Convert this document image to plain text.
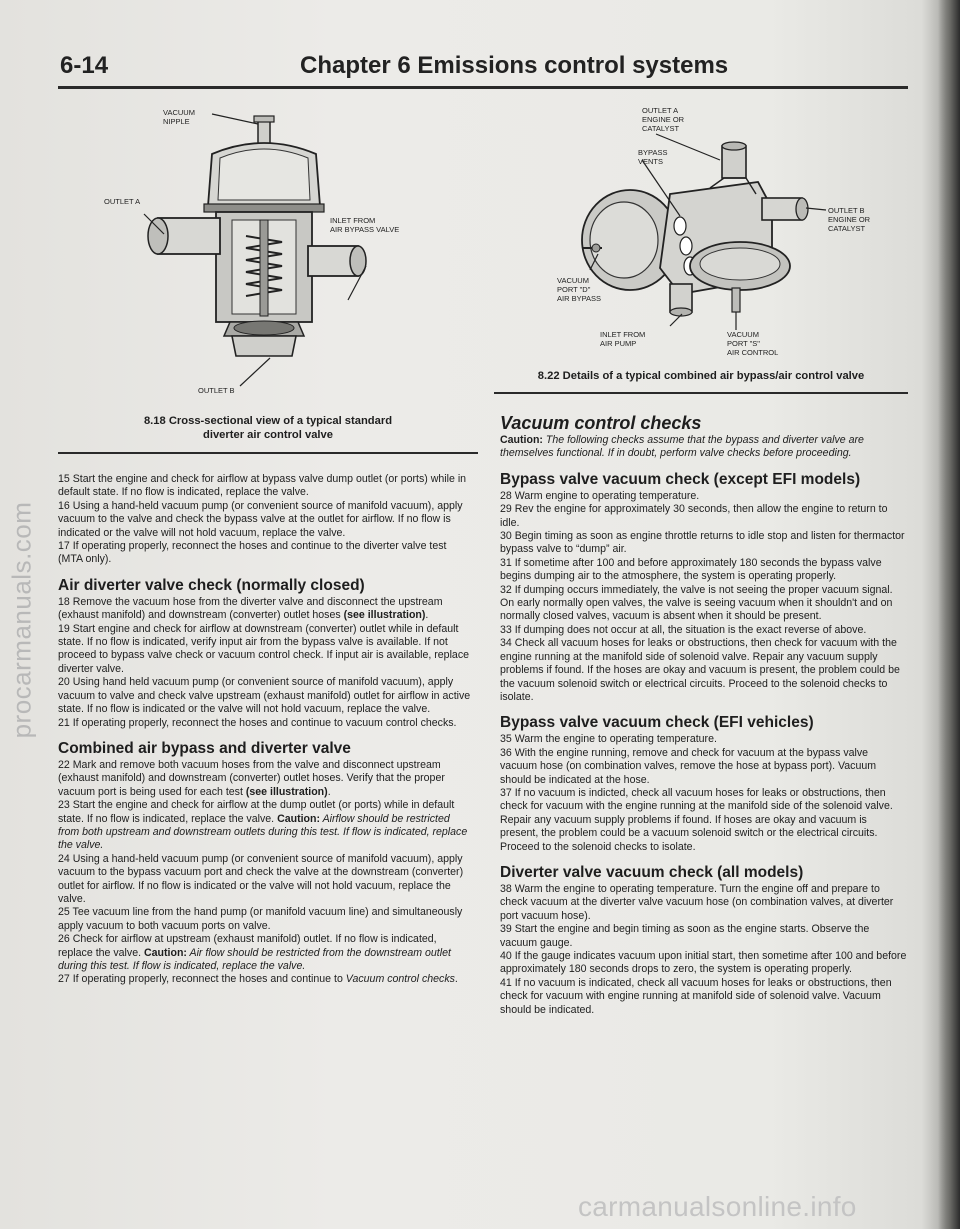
6-14	Chapter 6 Emissions control systems
VACUUM
NIPPLE
OUTLET A
INLET FROM
AIR BYPASS VALVE
OUTLET B
8.18 Cross-sectional view of a typical standard
diverter air control valve
OUTLET A
ENGINE OR
CATALYST
BYPASS
VENTS
OUTLET B
ENGINE OR
CATALYST
VACUUM
PORT "D"
AIR BYPASS
INLET FROM
AIR PUMP
VACUUM
PORT "S"
AIR CONTROL
8.22 Details of a typical combined air bypass/air control valve

15 Start the engine and check for airflow at bypass valve dump outlet (or ports) while in default state. If no flow is indicated, replace the valve.

16 Using a hand-held vacuum pump (or convenient source of manifold vacuum), apply vacuum to the valve and check the bypass valve at the outlet for airflow. If no flow is indicated or the valve will not hold vacuum, replace the valve.

17 If operating properly, reconnect the hoses and continue to the diverter valve test (MTA only).

Air diverter valve check (normally closed)

18 Remove the vacuum hose from the diverter valve and disconnect the upstream (exhaust manifold) and downstream (converter) outlet hoses (see illustration).

19 Start engine and check for airflow at downstream (converter) outlet while in default state. If no flow is indicated, verify input air from the bypass valve is available. If not proceed to bypass valve check or vacuum control check. If input air is available, replace diverter valve.

20 Using hand held vacuum pump (or convenient source of manifold vacuum), apply vacuum to valve and check valve upstream (exhaust manifold) outlet for airflow in active state. If no flow is indicated or the valve will not hold vacuum, replace the valve.

21 If operating properly, reconnect the hoses and continue to vacuum control checks.

Combined air bypass and diverter valve

22 Mark and remove both vacuum hoses from the valve and disconnect upstream (exhaust manifold) and downstream (converter) outlet hoses. Verify that the proper vacuum port is being used for each test (see illustration).

23 Start the engine and check for airflow at the dump outlet (or ports) while in default state. If no flow is indicated, replace the valve. Caution: Airflow should be restricted from both upstream and downstream outlets during this test. If flow is indicated, replace the valve.

24 Using a hand-held vacuum pump (or convenient source of manifold vacuum), apply vacuum to the bypass vacuum port and check the valve at the downstream (converter) outlet for airflow. If no flow is indicated or the valve will not hold vacuum, replace the valve.

25 Tee vacuum line from the hand pump (or manifold vacuum line) and simultaneously apply vacuum to both vacuum ports on valve.

26 Check for airflow at upstream (exhaust manifold) outlet. If no flow is indicated, replace the valve. Caution: Air flow should be restricted from the downstream outlet during this test. If flow is indicated, replace the valve.

27 If operating properly, reconnect the hoses and continue to Vacuum control checks.

Vacuum control checks

Caution: The following checks assume that the bypass and diverter valve are themselves functional. If in doubt, perform valve checks before proceeding.

Bypass valve vacuum check (except EFI models)

28 Warm engine to operating temperature.

29 Rev the engine for approximately 30 seconds, then allow the engine to return to idle.

30 Begin timing as soon as engine throttle returns to idle stop and listen for thermactor bypass valve to “dump” air.

31 If sometime after 100 and before approximately 180 seconds the bypass valve begins dumping air to the atmosphere, the system is operating properly.

32 If dumping occurs immediately, the valve is not seeing the proper vacuum signal. On early normally open valves, the valve is seeing vacuum when it shouldn't and on normally closed valves, vacuum is absent when it should be present.

33 If dumping does not occur at all, the situation is the exact reverse of above.

34 Check all vacuum hoses for leaks or obstructions, then check for vacuum with the engine running at the manifold side of solenoid valve. Repair any vacuum supply problems if found. If the hoses are okay and vacuum is present, the problem could be the vacuum solenoid switch or electrical circuits. Proceed to the solenoid checks to isolate.

Bypass valve vacuum check (EFI vehicles)

35 Warm the engine to operating temperature.

36 With the engine running, remove and check for vacuum at the bypass valve vacuum hose (on combination valves, remove the hose at bypass port). Vacuum should be indicated at the hose.

37 If no vacuum is indicted, check all vacuum hoses for leaks or obstructions, then check for vacuum with the engine running at the manifold side of the solenoid valve. Repair any vacuum supply problems if found. If hoses are okay and vacuum is present, the problem could be a vacuum solenoid switch or the electrical circuits. Proceed to the solenoid checks to isolate.

Diverter valve vacuum check (all models)

38 Warm the engine to operating temperature. Turn the engine off and prepare to check vacuum at the diverter valve vacuum hose (on combination valves, at diverter port vacuum hose).

39 Start the engine and begin timing as soon as the engine starts. Observe the vacuum gauge.

40 If the gauge indicates vacuum upon initial start, then sometime after 100 and before approximately 180 seconds drops to zero, the system is operating properly.

41 If no vacuum is indicated, check all vacuum hoses for leaks or obstructions, then check for vacuum with engine running at manifold side of solenoid valve. Vacuum should be indicated.

procarmanuals.com
carmanualsonline.info
